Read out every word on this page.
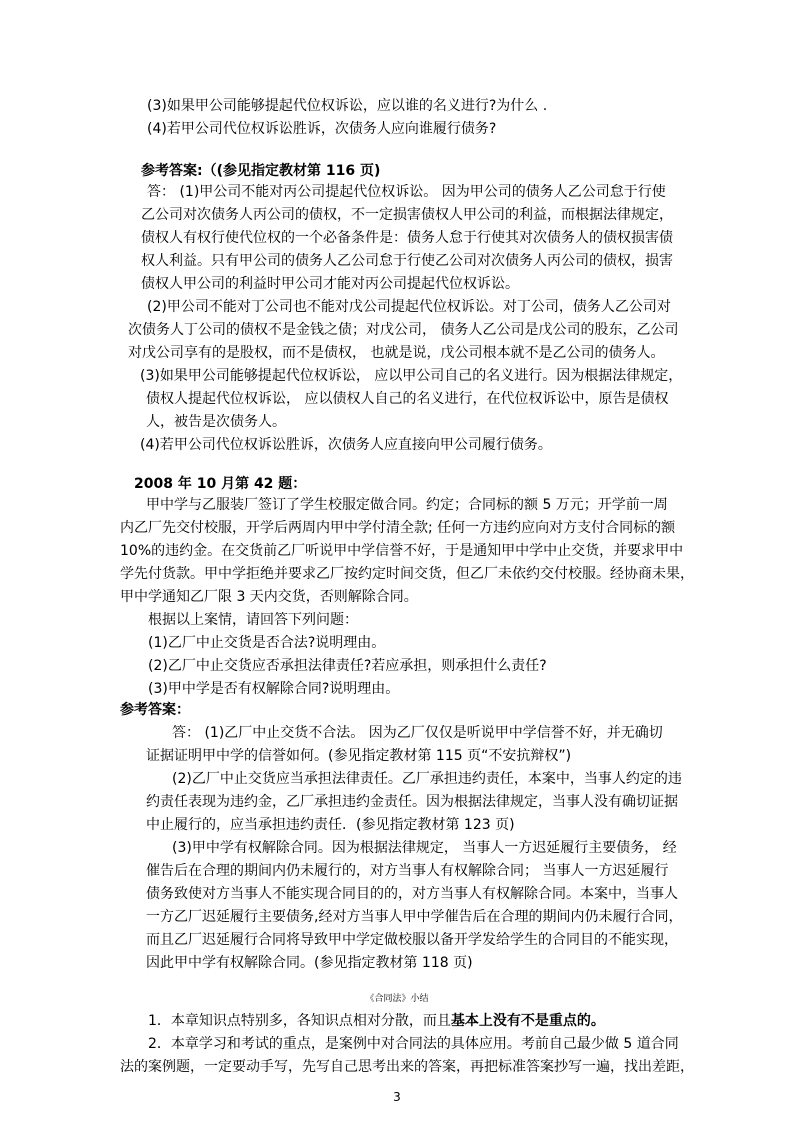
(3)如果甲公司能够提起代位权诉讼，应以谁的名义进行?为什么 .
(4)若甲公司代位权诉讼胜诉，次债务人应向谁履行债务?
参考答案:（(参见指定教材第 116 页)
答： (1)甲公司不能对丙公司提起代位权诉讼。 因为甲公司的债务人乙公司怠于行使
乙公司对次债务人丙公司的债权，不一定损害债权人甲公司的利益，而根据法律规定，
债权人有权行使代位权的一个必备条件是：债务人怠于行使其对次债务人的债权损害债
权人利益。只有甲公司的债务人乙公司怠于行使乙公司对次债务人丙公司的债权，损害
债权人甲公司的利益时甲公司才能对丙公司提起代位权诉讼。
(2)甲公司不能对丁公司也不能对戊公司提起代位权诉讼。对丁公司，债务人乙公司对
次债务人丁公司的债权不是金钱之债；对戊公司， 债务人乙公司是戊公司的股东，乙公司
对戊公司享有的是股权，而不是债权， 也就是说，戊公司根本就不是乙公司的债务人。
(3)如果甲公司能够提起代位权诉讼， 应以甲公司自己的名义进行。因为根据法律规定，
债权人提起代位权诉讼， 应以债权人自己的名义进行，在代位权诉讼中，原告是债权
人，被告是次债务人。
(4)若甲公司代位权诉讼胜诉，次债务人应直接向甲公司履行债务。
2008 年 10 月第 42 题：
甲中学与乙服装厂签订了学生校服定做合同。约定；合同标的额 5 万元；开学前一周
内乙厂先交付校服，开学后两周内甲中学付清全款; 任何一方违约应向对方支付合同标的额
10%的违约金。在交货前乙厂听说甲中学信誉不好，于是通知甲中学中止交货，并要求甲中
学先付货款。甲中学拒绝并要求乙厂按约定时间交货，但乙厂未依约交付校服。经协商未果，
甲中学通知乙厂限 3 天内交货，否则解除合同。
根据以上案情，请回答下列问题：
(1)乙厂中止交货是否合法?说明理由。
(2)乙厂中止交货应否承担法律责任?若应承担，则承担什么责任?
(3)甲中学是否有权解除合同?说明理由。
参考答案：
答： (1)乙厂中止交货不合法。 因为乙厂仅仅是听说甲中学信誉不好，并无确切
证据证明甲中学的信誉如何。(参见指定教材第 115 页“不安抗辩权”)
(2)乙厂中止交货应当承担法律责任。乙厂承担违约责任，本案中，当事人约定的违
约责任表现为违约金，乙厂承担违约金责任。因为根据法律规定，当事人没有确切证据
中止履行的，应当承担违约责任．(参见指定教材第 123 页)
(3)甲中学有权解除合同。因为根据法律规定， 当事人一方迟延履行主要债务， 经
催告后在合理的期间内仍未履行的，对方当事人有权解除合同； 当事人一方迟延履行
债务致使对方当事人不能实现合同目的的，对方当事人有权解除合同。本案中，当事人
一方乙厂迟延履行主要债务,经对方当事人甲中学催告后在合理的期间内仍未履行合同，
而且乙厂迟延履行合同将导致甲中学定做校服以备开学发给学生的合同目的不能实现，
因此甲中学有权解除合同。(参见指定教材第 118 页)
《合同法》小结
1．本章知识点特别多，各知识点相对分散，而且基本上没有不是重点的。
2．本章学习和考试的重点，是案例中对合同法的具体应用。考前自己最少做 5 道合同
法的案例题，一定要动手写，先写自己思考出来的答案，再把标准答案抄写一遍，找出差距，
3
